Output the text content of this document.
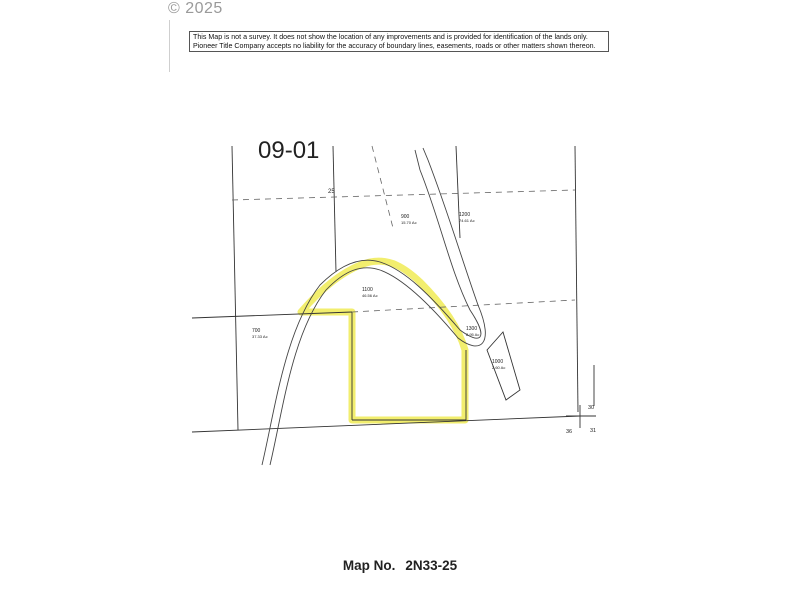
© 2025
This Map is not a survey. It does not show the location of any improvements and is provided for identification of the lands only.
Pioneer Title Company accepts no liability for the accuracy of boundary lines, easements, roads or other matters shown thereon.
09-01
25
30
36	31
900
15.70 Ac
1200
74.61 Ac
1100
46.56 Ac
700
37.33 Ac
1300
2.95 Ac
1000
2.60 Ac
Map No. 2N33-25
